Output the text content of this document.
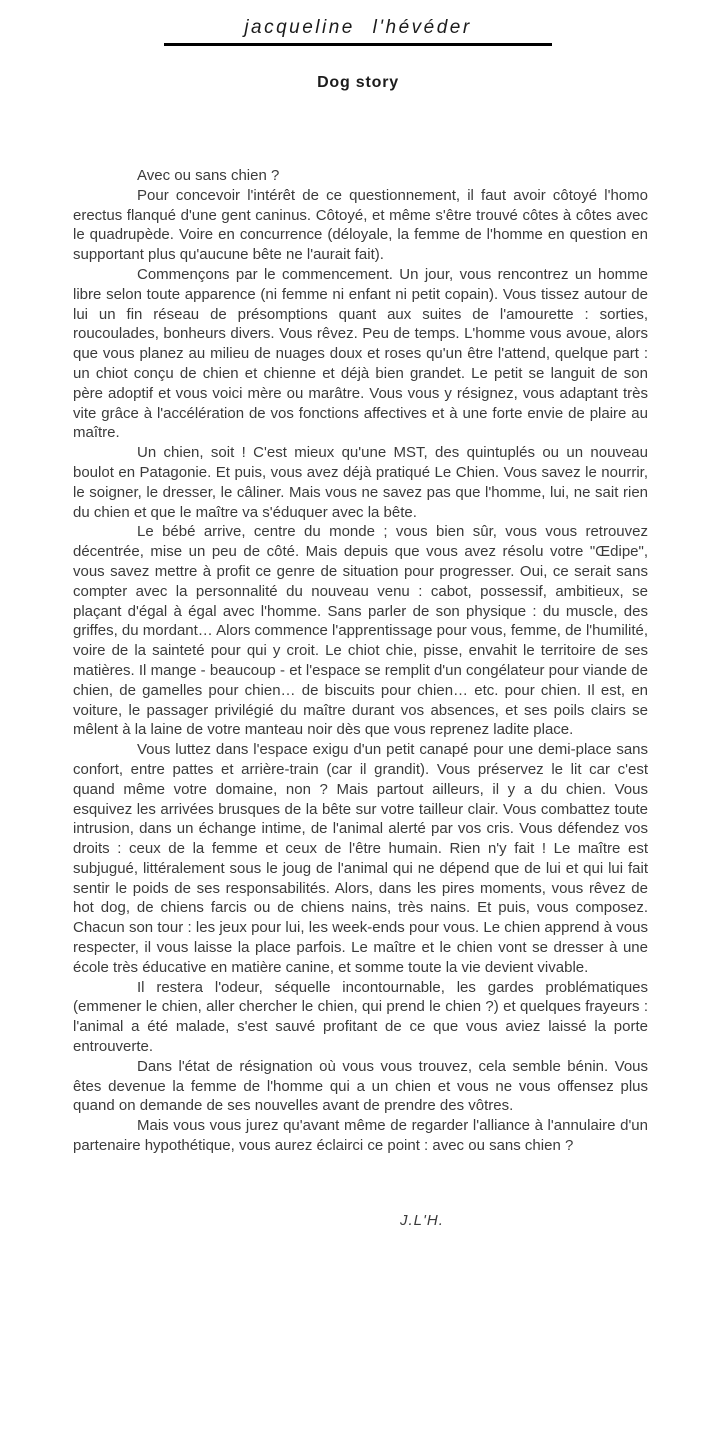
jacqueline l'hévéder
Dog story

Avec ou sans chien ?

Pour concevoir l'intérêt de ce questionnement, il faut avoir côtoyé l'homo erectus flanqué d'une gent caninus. Côtoyé, et même s'être trouvé côtes à côtes avec le quadrupède. Voire en concurrence (déloyale, la femme de l'homme en question en supportant plus qu'aucune bête ne l'aurait fait).

Commençons par le commencement. Un jour, vous rencontrez un homme libre selon toute apparence (ni femme ni enfant ni petit copain). Vous tissez autour de lui un fin réseau de présomptions quant aux suites de l'amourette : sorties, roucoulades, bonheurs divers. Vous rêvez. Peu de temps. L'homme vous avoue, alors que vous planez au milieu de nuages doux et roses qu'un être l'attend, quelque part : un chiot conçu de chien et chienne et déjà bien grandet. Le petit se languit de son père adoptif et vous voici mère ou marâtre. Vous vous y résignez, vous adaptant très vite grâce à l'accélération de vos fonctions affectives et à une forte envie de plaire au maître.

Un chien, soit ! C'est mieux qu'une MST, des quintuplés ou un nouveau boulot en Patagonie. Et puis, vous avez déjà pratiqué Le Chien. Vous savez le nourrir, le soigner, le dresser, le câliner. Mais vous ne savez pas que l'homme, lui, ne sait rien du chien et que le maître va s'éduquer avec la bête.

Le bébé arrive, centre du monde ; vous bien sûr, vous vous retrouvez décentrée, mise un peu de côté. Mais depuis que vous avez résolu votre "Œdipe", vous savez mettre à profit ce genre de situation pour progresser. Oui, ce serait sans compter avec la personnalité du nouveau venu : cabot, possessif, ambitieux, se plaçant d'égal à égal avec l'homme. Sans parler de son physique : du muscle, des griffes, du mordant… Alors commence l'apprentissage pour vous, femme, de l'humilité, voire de la sainteté pour qui y croit. Le chiot chie, pisse, envahit le territoire de ses matières. Il mange - beaucoup - et l'espace se remplit d'un congélateur pour viande de chien, de gamelles pour chien… de biscuits pour chien… etc. pour chien. Il est, en voiture, le passager privilégié du maître durant vos absences, et ses poils clairs se mêlent à la laine de votre manteau noir dès que vous reprenez ladite place.

Vous luttez dans l'espace exigu d'un petit canapé pour une demi-place sans confort, entre pattes et arrière-train (car il grandit). Vous préservez le lit car c'est quand même votre domaine, non ? Mais partout ailleurs, il y a du chien. Vous esquivez les arrivées brusques de la bête sur votre tailleur clair. Vous combattez toute intrusion, dans un échange intime, de l'animal alerté par vos cris. Vous défendez vos droits : ceux de la femme et ceux de l'être humain. Rien n'y fait ! Le maître est subjugué, littéralement sous le joug de l'animal qui ne dépend que de lui et qui lui fait sentir le poids de ses responsabilités. Alors, dans les pires moments, vous rêvez de hot dog, de chiens farcis ou de chiens nains, très nains. Et puis, vous composez. Chacun son tour : les jeux pour lui, les week-ends pour vous. Le chien apprend à vous respecter, il vous laisse la place parfois. Le maître et le chien vont se dresser à une école très éducative en matière canine, et somme toute la vie devient vivable.

Il restera l'odeur, séquelle incontournable, les gardes problématiques (emmener le chien, aller chercher le chien, qui prend le chien ?) et quelques frayeurs : l'animal a été malade, s'est sauvé profitant de ce que vous aviez laissé la porte entrouverte.

Dans l'état de résignation où vous vous trouvez, cela semble bénin. Vous êtes devenue la femme de l'homme qui a un chien et vous ne vous offensez plus quand on demande de ses nouvelles avant de prendre des vôtres.

Mais vous vous jurez qu'avant même de regarder l'alliance à l'annulaire d'un partenaire hypothétique, vous aurez éclairci ce point : avec ou sans chien ?

J.L'H.
